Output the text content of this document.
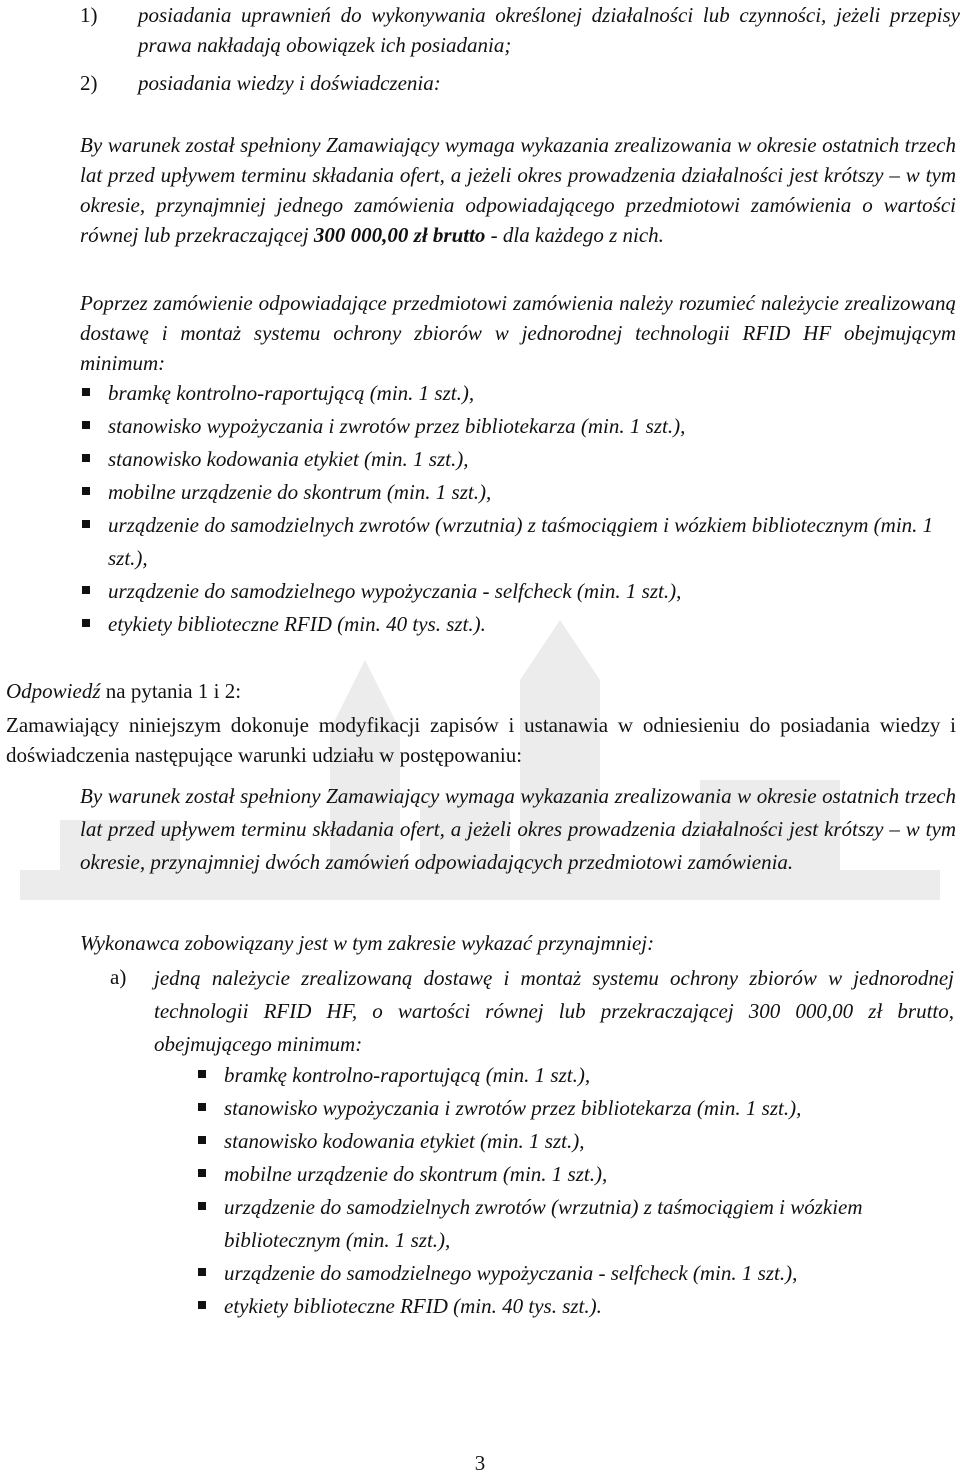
1)	posiadania uprawnień do wykonywania określonej działalności lub czynności, jeżeli przepisy prawa nakładają obowiązek ich posiadania;
2)	posiadania wiedzy i doświadczenia:
By warunek został spełniony Zamawiający wymaga wykazania zrealizowania w okresie ostatnich trzech lat przed upływem terminu składania ofert, a jeżeli okres prowadzenia działalności jest krótszy – w tym okresie, przynajmniej jednego zamówienia odpowiadającego przedmiotowi zamówienia o wartości równej lub przekraczającej 300 000,00 zł brutto - dla każdego z nich.
Poprzez zamówienie odpowiadające przedmiotowi zamówienia należy rozumieć należycie zrealizowaną dostawę i montaż systemu ochrony zbiorów w jednorodnej technologii RFID HF obejmującym minimum:
bramkę kontrolno-raportującą (min. 1 szt.),
stanowisko wypożyczania i zwrotów przez bibliotekarza (min. 1 szt.),
stanowisko kodowania etykiet (min. 1 szt.),
mobilne urządzenie do skontrum (min. 1 szt.),
urządzenie do samodzielnych zwrotów (wrzutnia) z taśmociągiem i wózkiem bibliotecznym (min. 1 szt.),
urządzenie do samodzielnego wypożyczania - selfcheck (min. 1 szt.),
etykiety biblioteczne RFID (min. 40 tys. szt.).
Odpowiedź na pytania 1 i 2:
Zamawiający niniejszym dokonuje modyfikacji zapisów i ustanawia w odniesieniu do posiadania wiedzy i doświadczenia następujące warunki udziału w postępowaniu:
By warunek został spełniony Zamawiający wymaga wykazania zrealizowania w okresie ostatnich trzech lat przed upływem terminu składania ofert, a jeżeli okres prowadzenia działalności jest krótszy – w tym okresie, przynajmniej dwóch zamówień odpowiadających przedmiotowi zamówienia.
Wykonawca zobowiązany jest w tym zakresie wykazać przynajmniej:
a)	jedną należycie zrealizowaną dostawę i montaż systemu ochrony zbiorów w jednorodnej technologii RFID HF, o wartości równej lub przekraczającej 300 000,00 zł brutto, obejmującego minimum:
bramkę kontrolno-raportującą (min. 1 szt.),
stanowisko wypożyczania i zwrotów przez bibliotekarza (min. 1 szt.),
stanowisko kodowania etykiet (min. 1 szt.),
mobilne urządzenie do skontrum (min. 1 szt.),
urządzenie do samodzielnych zwrotów (wrzutnia) z taśmociągiem i wózkiem bibliotecznym (min. 1 szt.),
urządzenie do samodzielnego wypożyczania - selfcheck (min. 1 szt.),
etykiety biblioteczne RFID (min. 40 tys. szt.).
3
